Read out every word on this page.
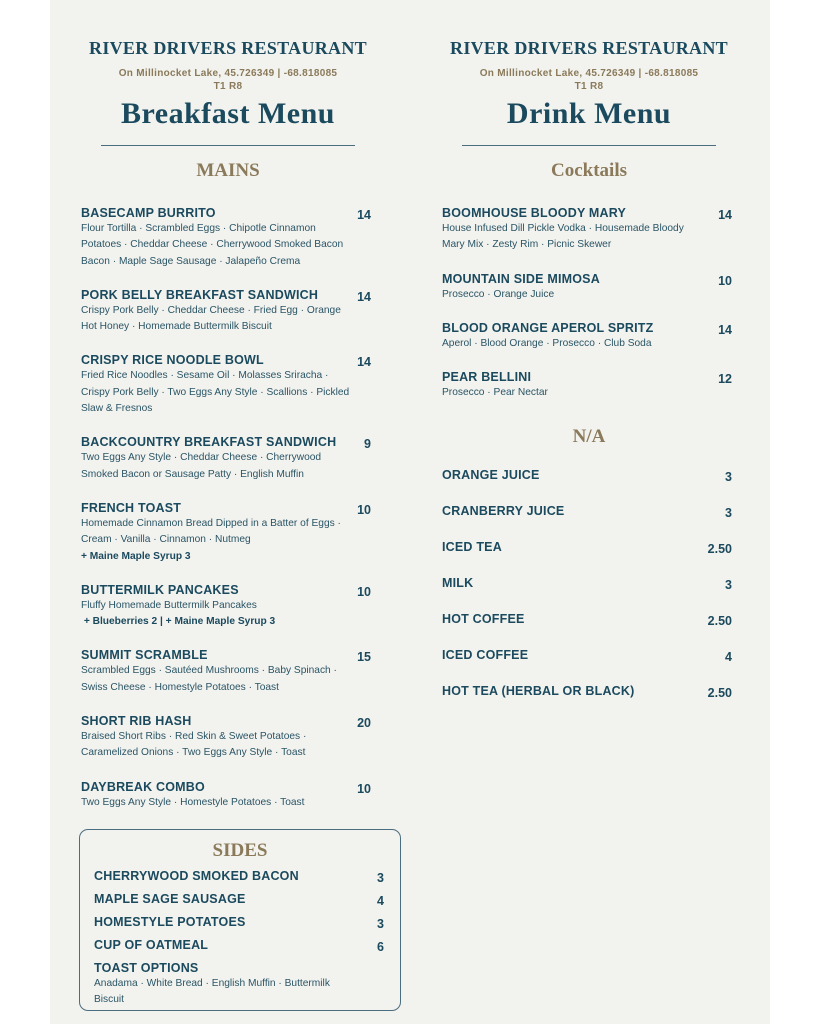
RIVER DRIVERS RESTAURANT
On Millinocket Lake, 45.726349 | -68.818085
T1 R8
Breakfast Menu
MAINS
BASECAMP BURRITO	14
Flour Tortilla · Scrambled Eggs · Chipotle Cinnamon
Potatoes · Cheddar Cheese · Cherrywood Smoked Bacon
Bacon · Maple Sage Sausage · Jalapeño Crema
PORK BELLY BREAKFAST SANDWICH	14
Crispy Pork Belly · Cheddar Cheese · Fried Egg · Orange
Hot Honey · Homemade Buttermilk Biscuit
CRISPY RICE NOODLE BOWL	14
Fried Rice Noodles · Sesame Oil · Molasses Sriracha ·
Crispy Pork Belly · Two Eggs Any Style · Scallions · Pickled
Slaw & Fresnos
BACKCOUNTRY BREAKFAST SANDWICH	9
Two Eggs Any Style · Cheddar Cheese · Cherrywood
Smoked Bacon or Sausage Patty · English Muffin
FRENCH TOAST	10
Homemade Cinnamon Bread Dipped in a Batter of Eggs ·
Cream · Vanilla · Cinnamon · Nutmeg
+ Maine Maple Syrup 3
BUTTERMILK PANCAKES	10
Fluffy Homemade Buttermilk Pancakes
+ Blueberries 2 | + Maine Maple Syrup 3
SUMMIT SCRAMBLE	15
Scrambled Eggs · Sautéed Mushrooms · Baby Spinach ·
Swiss Cheese · Homestyle Potatoes · Toast
SHORT RIB HASH	20
Braised Short Ribs · Red Skin & Sweet Potatoes ·
Caramelized Onions · Two Eggs Any Style · Toast
DAYBREAK COMBO	10
Two Eggs Any Style · Homestyle Potatoes · Toast
SIDES
CHERRYWOOD SMOKED BACON	3
MAPLE SAGE SAUSAGE	4
HOMESTYLE POTATOES	3
CUP OF OATMEAL	6
TOAST OPTIONS
Anadama · White Bread · English Muffin · Buttermilk
Biscuit
RIVER DRIVERS RESTAURANT
On Millinocket Lake, 45.726349 | -68.818085
T1 R8
Drink Menu
Cocktails
BOOMHOUSE BLOODY MARY	14
House Infused Dill Pickle Vodka · Housemade Bloody
Mary Mix · Zesty Rim · Picnic Skewer
MOUNTAIN SIDE MIMOSA	10
Prosecco · Orange Juice
BLOOD ORANGE APEROL SPRITZ	14
Aperol · Blood Orange · Prosecco · Club Soda
PEAR BELLINI	12
Prosecco · Pear Nectar
N/A
ORANGE JUICE	3
CRANBERRY JUICE	3
ICED TEA	2.50
MILK	3
HOT COFFEE	2.50
ICED COFFEE	4
HOT TEA (HERBAL OR BLACK)	2.50
